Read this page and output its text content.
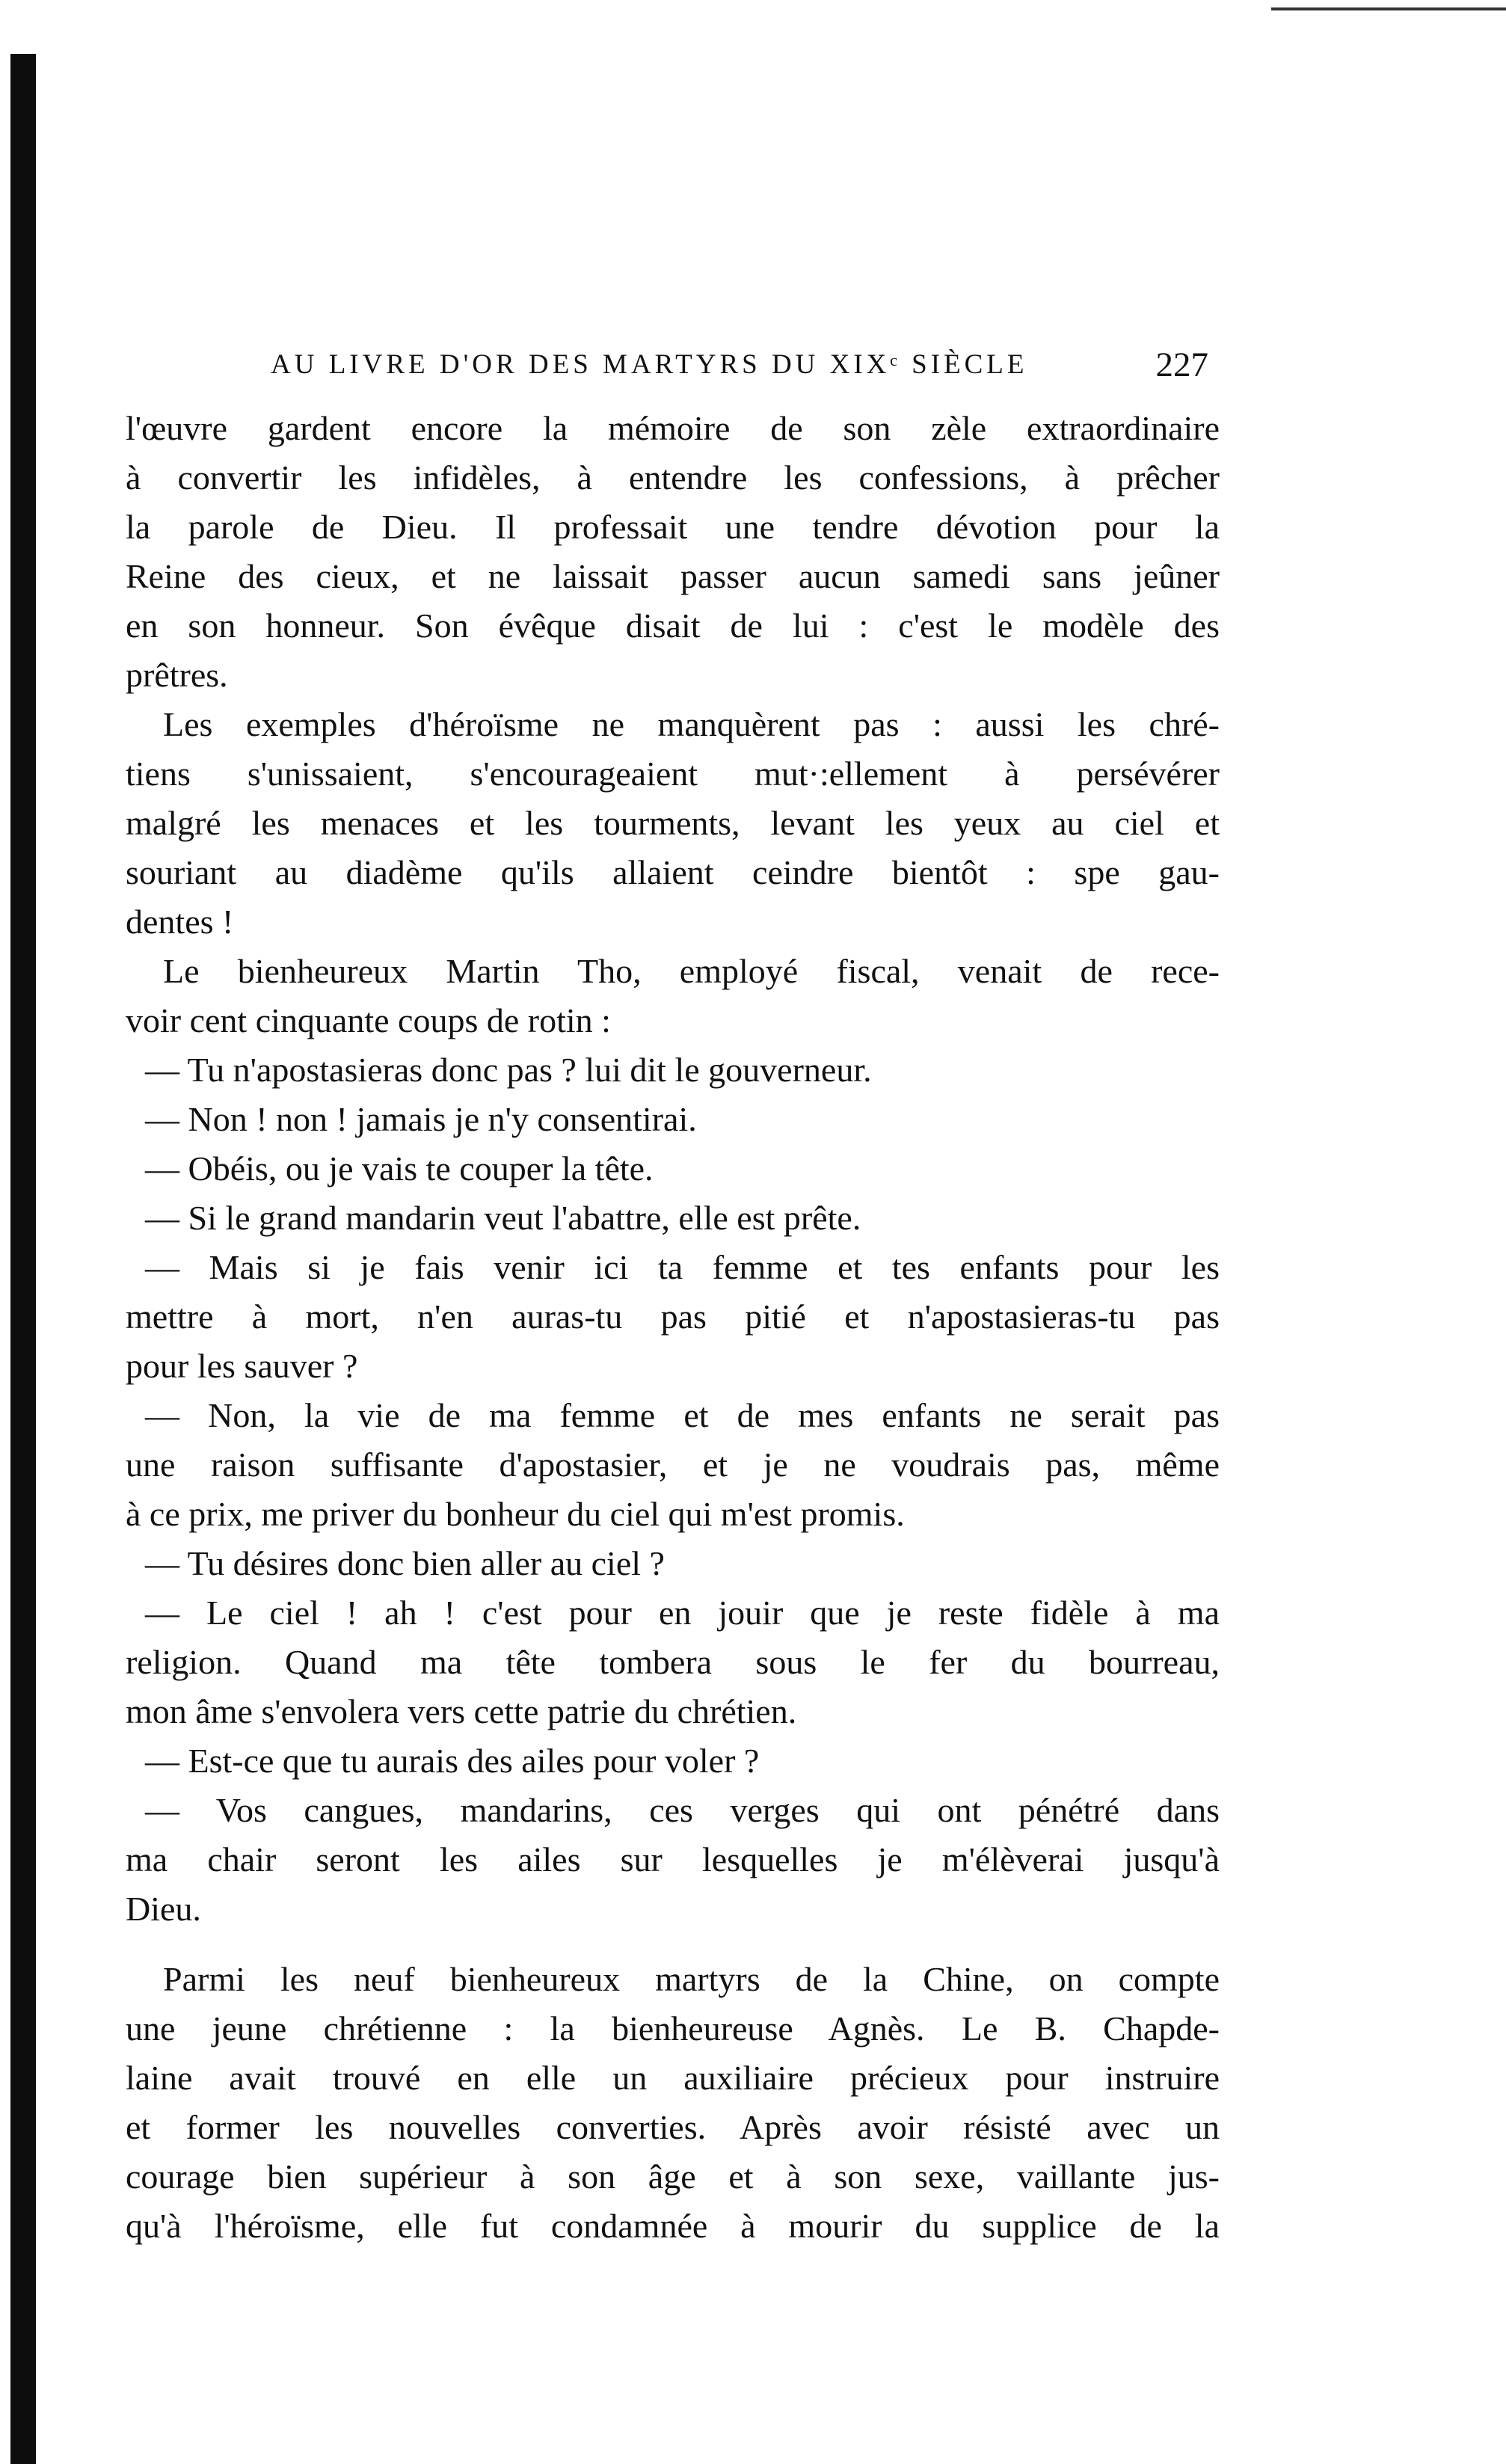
AU LIVRE D'OR DES MARTYRS DU XIXᶜ SIÈCLE	227
l'œuvre gardent encore la mémoire de son zèle extraordinaire
à convertir les infidèles, à entendre les confessions, à prêcher
la parole de Dieu. Il professait une tendre dévotion pour la
Reine des cieux, et ne laissait passer aucun samedi sans jeûner
en son honneur. Son évêque disait de lui : c'est le modèle des
prêtres.
Les exemples d'héroïsme ne manquèrent pas : aussi les chré-
tiens s'unissaient, s'encourageaient mut·:ellement à persévérer
malgré les menaces et les tourments, levant les yeux au ciel et
souriant au diadème qu'ils allaient ceindre bientôt : spe gau-
dentes !
Le bienheureux Martin Tho, employé fiscal, venait de rece-
voir cent cinquante coups de rotin :
— Tu n'apostasieras donc pas ? lui dit le gouverneur.
— Non ! non ! jamais je n'y consentirai.
— Obéis, ou je vais te couper la tête.
— Si le grand mandarin veut l'abattre, elle est prête.
— Mais si je fais venir ici ta femme et tes enfants pour les
mettre à mort, n'en auras-tu pas pitié et n'apostasieras-tu pas
pour les sauver ?
— Non, la vie de ma femme et de mes enfants ne serait pas
une raison suffisante d'apostasier, et je ne voudrais pas, même
à ce prix, me priver du bonheur du ciel qui m'est promis.
— Tu désires donc bien aller au ciel ?
— Le ciel ! ah ! c'est pour en jouir que je reste fidèle à ma
religion. Quand ma tête tombera sous le fer du bourreau,
mon âme s'envolera vers cette patrie du chrétien.
— Est-ce que tu aurais des ailes pour voler ?
— Vos cangues, mandarins, ces verges qui ont pénétré dans
ma chair seront les ailes sur lesquelles je m'élèverai jusqu'à
Dieu.
Parmi les neuf bienheureux martyrs de la Chine, on compte
une jeune chrétienne : la bienheureuse Agnès. Le B. Chapde-
laine avait trouvé en elle un auxiliaire précieux pour instruire
et former les nouvelles converties. Après avoir résisté avec un
courage bien supérieur à son âge et à son sexe, vaillante jus-
qu'à l'héroïsme, elle fut condamnée à mourir du supplice de la
